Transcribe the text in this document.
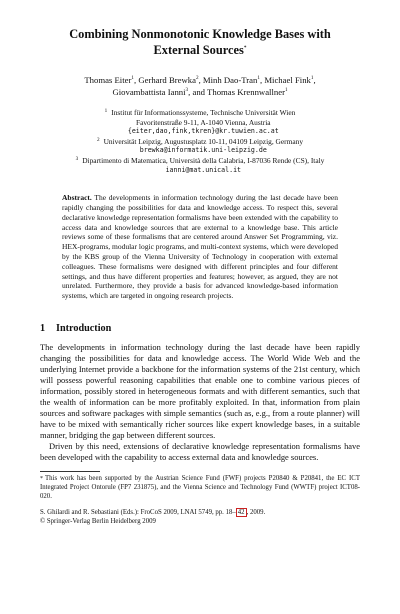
Combining Nonmonotonic Knowledge Bases with
External Sources*
Thomas Eiter$^1$, Gerhard Brewka$^2$, Minh Dao-Tran$^1$, Michael Fink$^1$,
Giovambattista Ianni$^3$, and Thomas Krennwallner$^1$
1 Institut für Informationssysteme, Technische Universität Wien
Favoritenstraße 9-11, A-1040 Vienna, Austria
{eiter,dao,fink,tkren}@kr.tuwien.ac.at
2 Universität Leipzig, Augustusplatz 10-11, 04109 Leipzig, Germany
brewka@informatik.uni-leipzig.de
3 Dipartimento di Matematica, Università della Calabria, I-87036 Rende (CS), Italy
ianni@mat.unical.it
Abstract. The developments in information technology during the last decade have been rapidly changing the possibilities for data and knowledge access. To respect this, several declarative knowledge representation formalisms have been extended with the capability to access data and knowledge sources that are external to a knowledge base. This article reviews some of these formalisms that are centered around Answer Set Programming, viz. HEX-programs, modular logic programs, and multi-context systems, which were developed by the KBS group of the Vienna University of Technology in cooperation with external colleagues. These formalisms were designed with different principles and four different settings, and thus have different properties and features; however, as argued, they are not unrelated. Furthermore, they provide a basis for advanced knowledge-based information systems, which are targeted in ongoing research projects.
1 Introduction

The developments in information technology during the last decade have been rapidly changing the possibilities for data and knowledge access. The World Wide Web and the underlying Internet provide a backbone for the information systems of the 21st century, which will possess powerful reasoning capabilities that enable one to combine various pieces of information, possibly stored in heterogeneous formats and with different semantics, such that the wealth of information can be more profitably exploited. In that, information from plain sources and software packages with simple semantics (such as, e.g., from a route planner) will have to be mixed with semantically richer sources like expert knowledge bases, in a suitable manner, bridging the gap between different sources.

Driven by this need, extensions of declarative knowledge representation formalisms have been developed with the capability to access external data and knowledge sources.

* This work has been supported by the Austrian Science Fund (FWF) projects P20840 & P20841, the EC ICT Integrated Project Ontorule (FP7 231875), and the Vienna Science and Technology Fund (WWTF) project ICT08-020.
S. Ghilardi and R. Sebastiani (Eds.): FroCoS 2009, LNAI 5749, pp. 18– 42 , 2009.
© Springer-Verlag Berlin Heidelberg 2009
